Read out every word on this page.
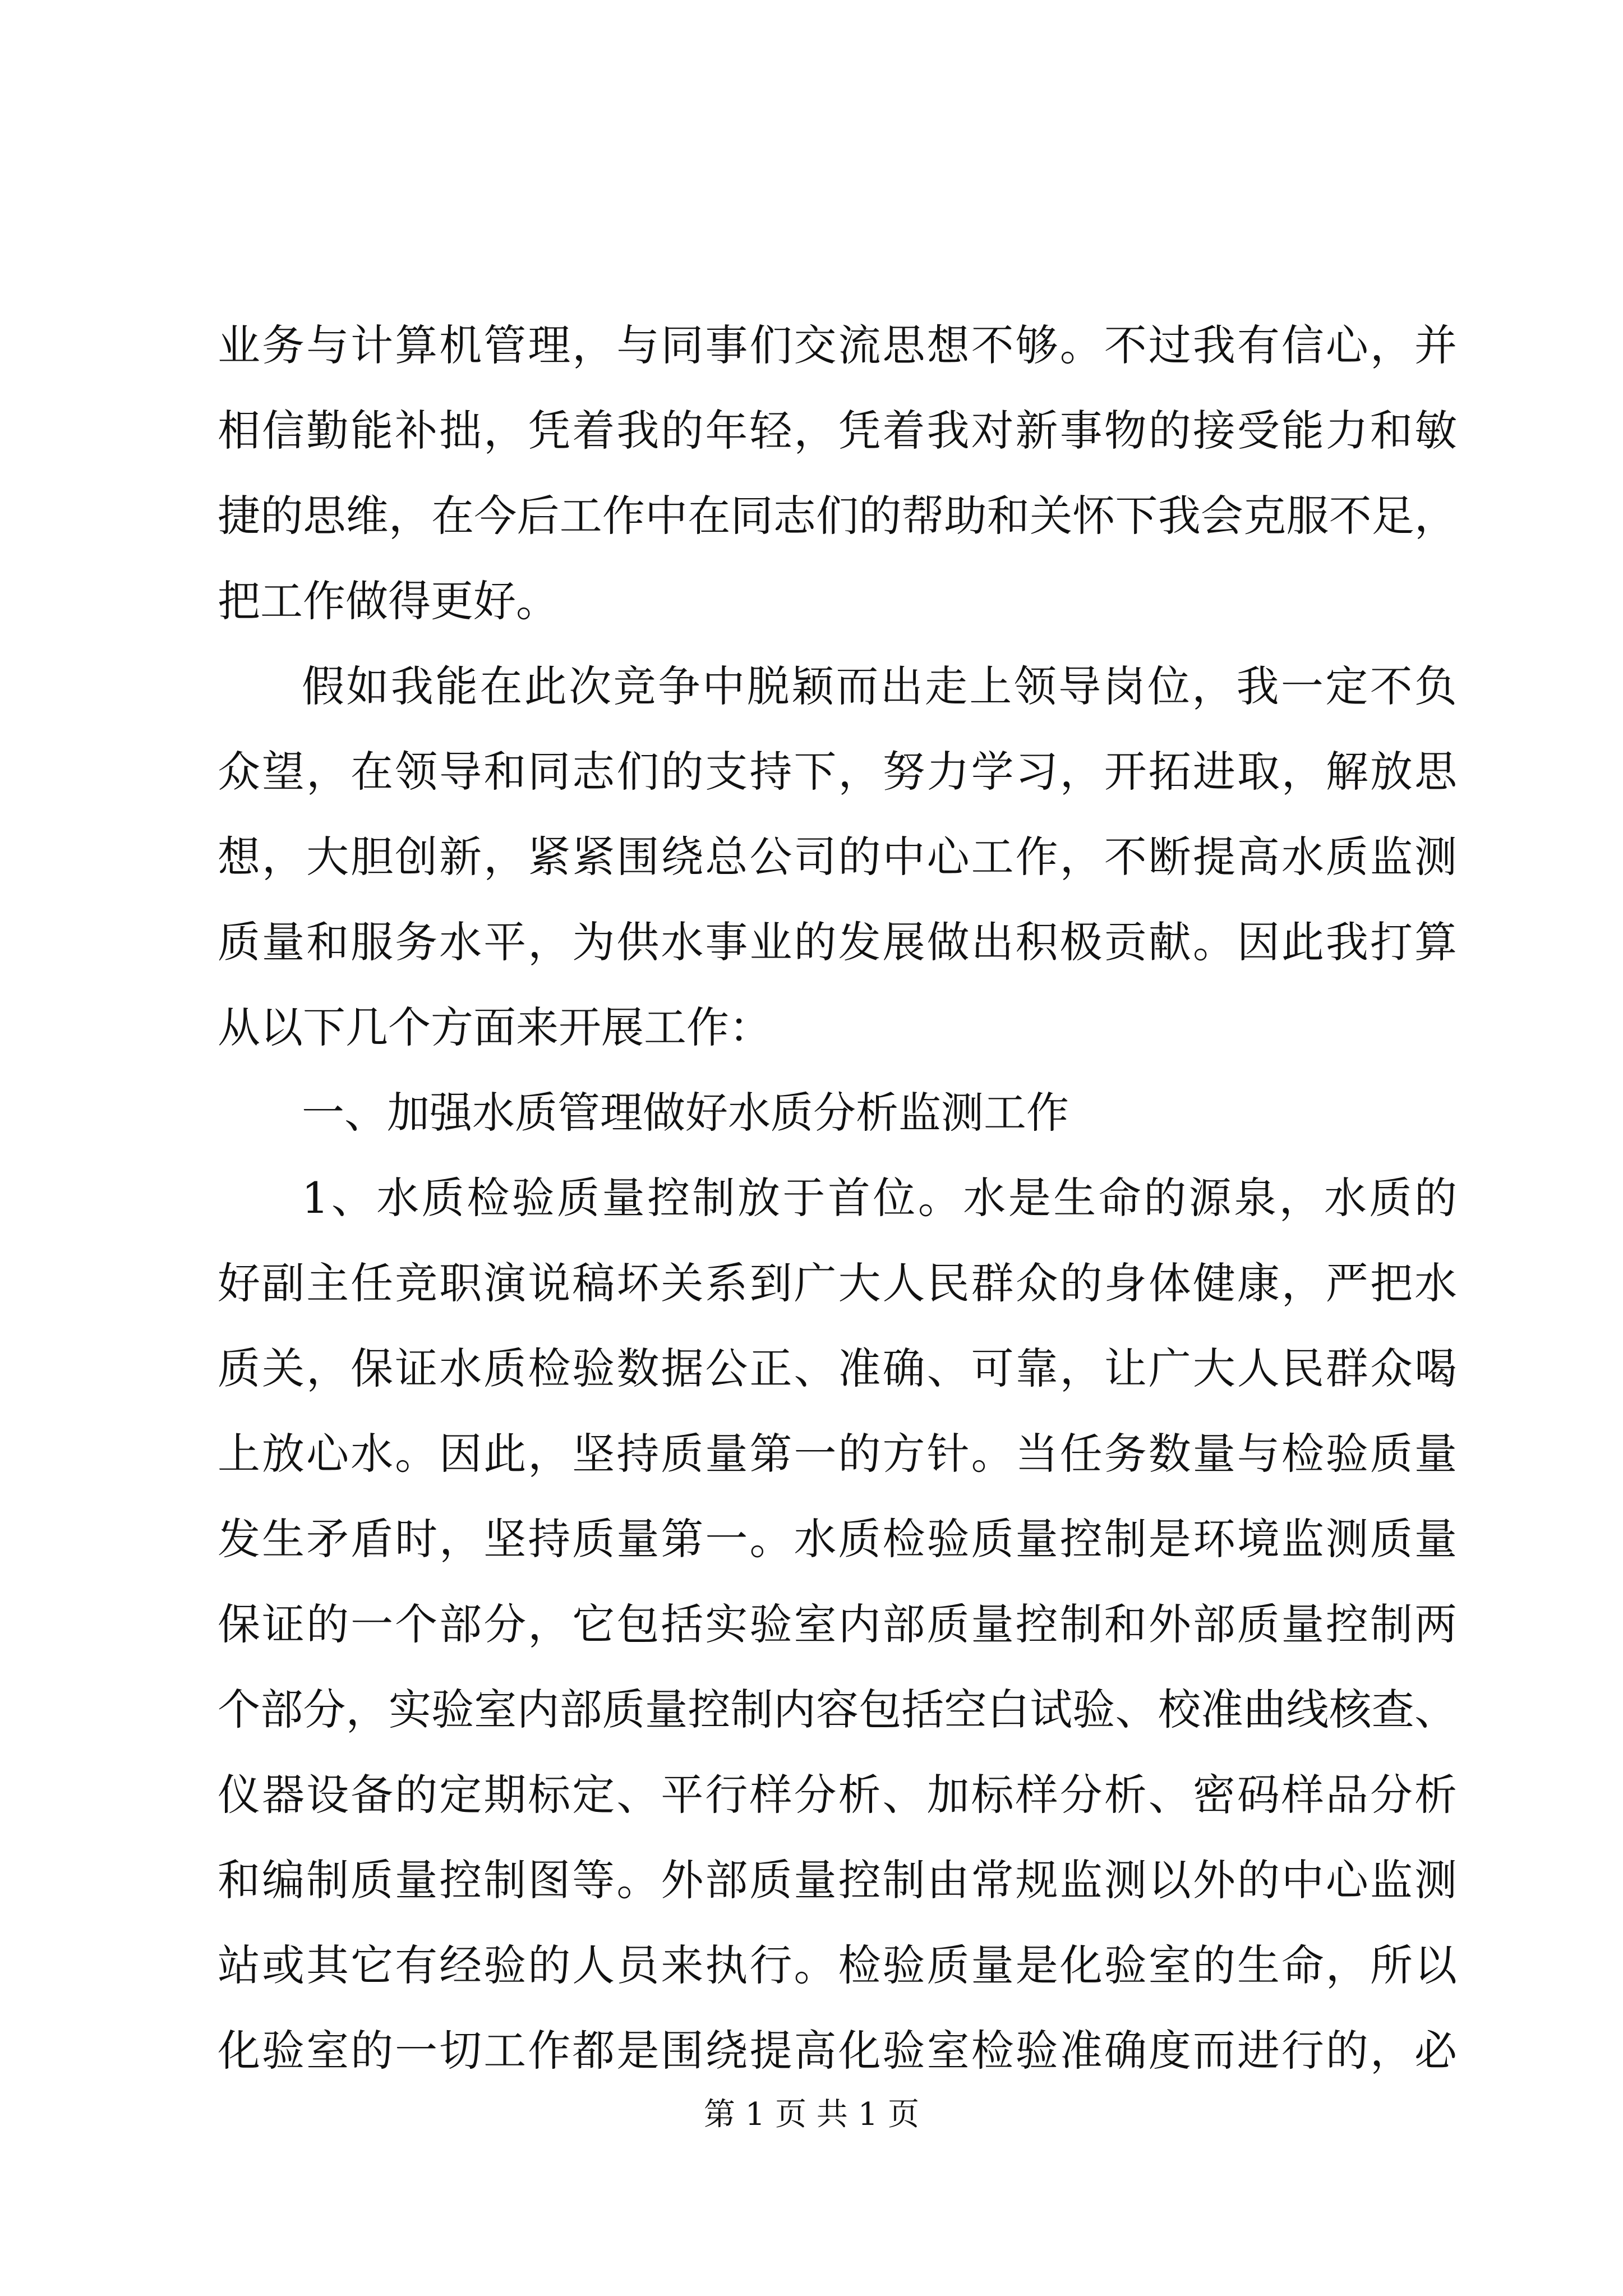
业务与计算机管理，与同事们交流思想不够。不过我有信心，并
相信勤能补拙，凭着我的年轻，凭着我对新事物的接受能力和敏
捷的思维，在今后工作中在同志们的帮助和关怀下我会克服不足，
把工作做得更好。
假如我能在此次竞争中脱颖而出走上领导岗位，我一定不负
众望，在领导和同志们的支持下，努力学习，开拓进取，解放思
想，大胆创新，紧紧围绕总公司的中心工作，不断提高水质监测
质量和服务水平，为供水事业的发展做出积极贡献。因此我打算
从以下几个方面来开展工作：
一、加强水质管理做好水质分析监测工作
1、水质检验质量控制放于首位。水是生命的源泉，水质的
好副主任竞职演说稿坏关系到广大人民群众的身体健康，严把水
质关，保证水质检验数据公正、准确、可靠，让广大人民群众喝
上放心水。因此，坚持质量第一的方针。当任务数量与检验质量
发生矛盾时，坚持质量第一。水质检验质量控制是环境监测质量
保证的一个部分，它包括实验室内部质量控制和外部质量控制两
个部分，实验室内部质量控制内容包括空白试验、校准曲线核查、
仪器设备的定期标定、平行样分析、加标样分析、密码样品分析
和编制质量控制图等。外部质量控制由常规监测以外的中心监测
站或其它有经验的人员来执行。检验质量是化验室的生命，所以
化验室的一切工作都是围绕提高化验室检验准确度而进行的，必
第 1 页 共 1 页
